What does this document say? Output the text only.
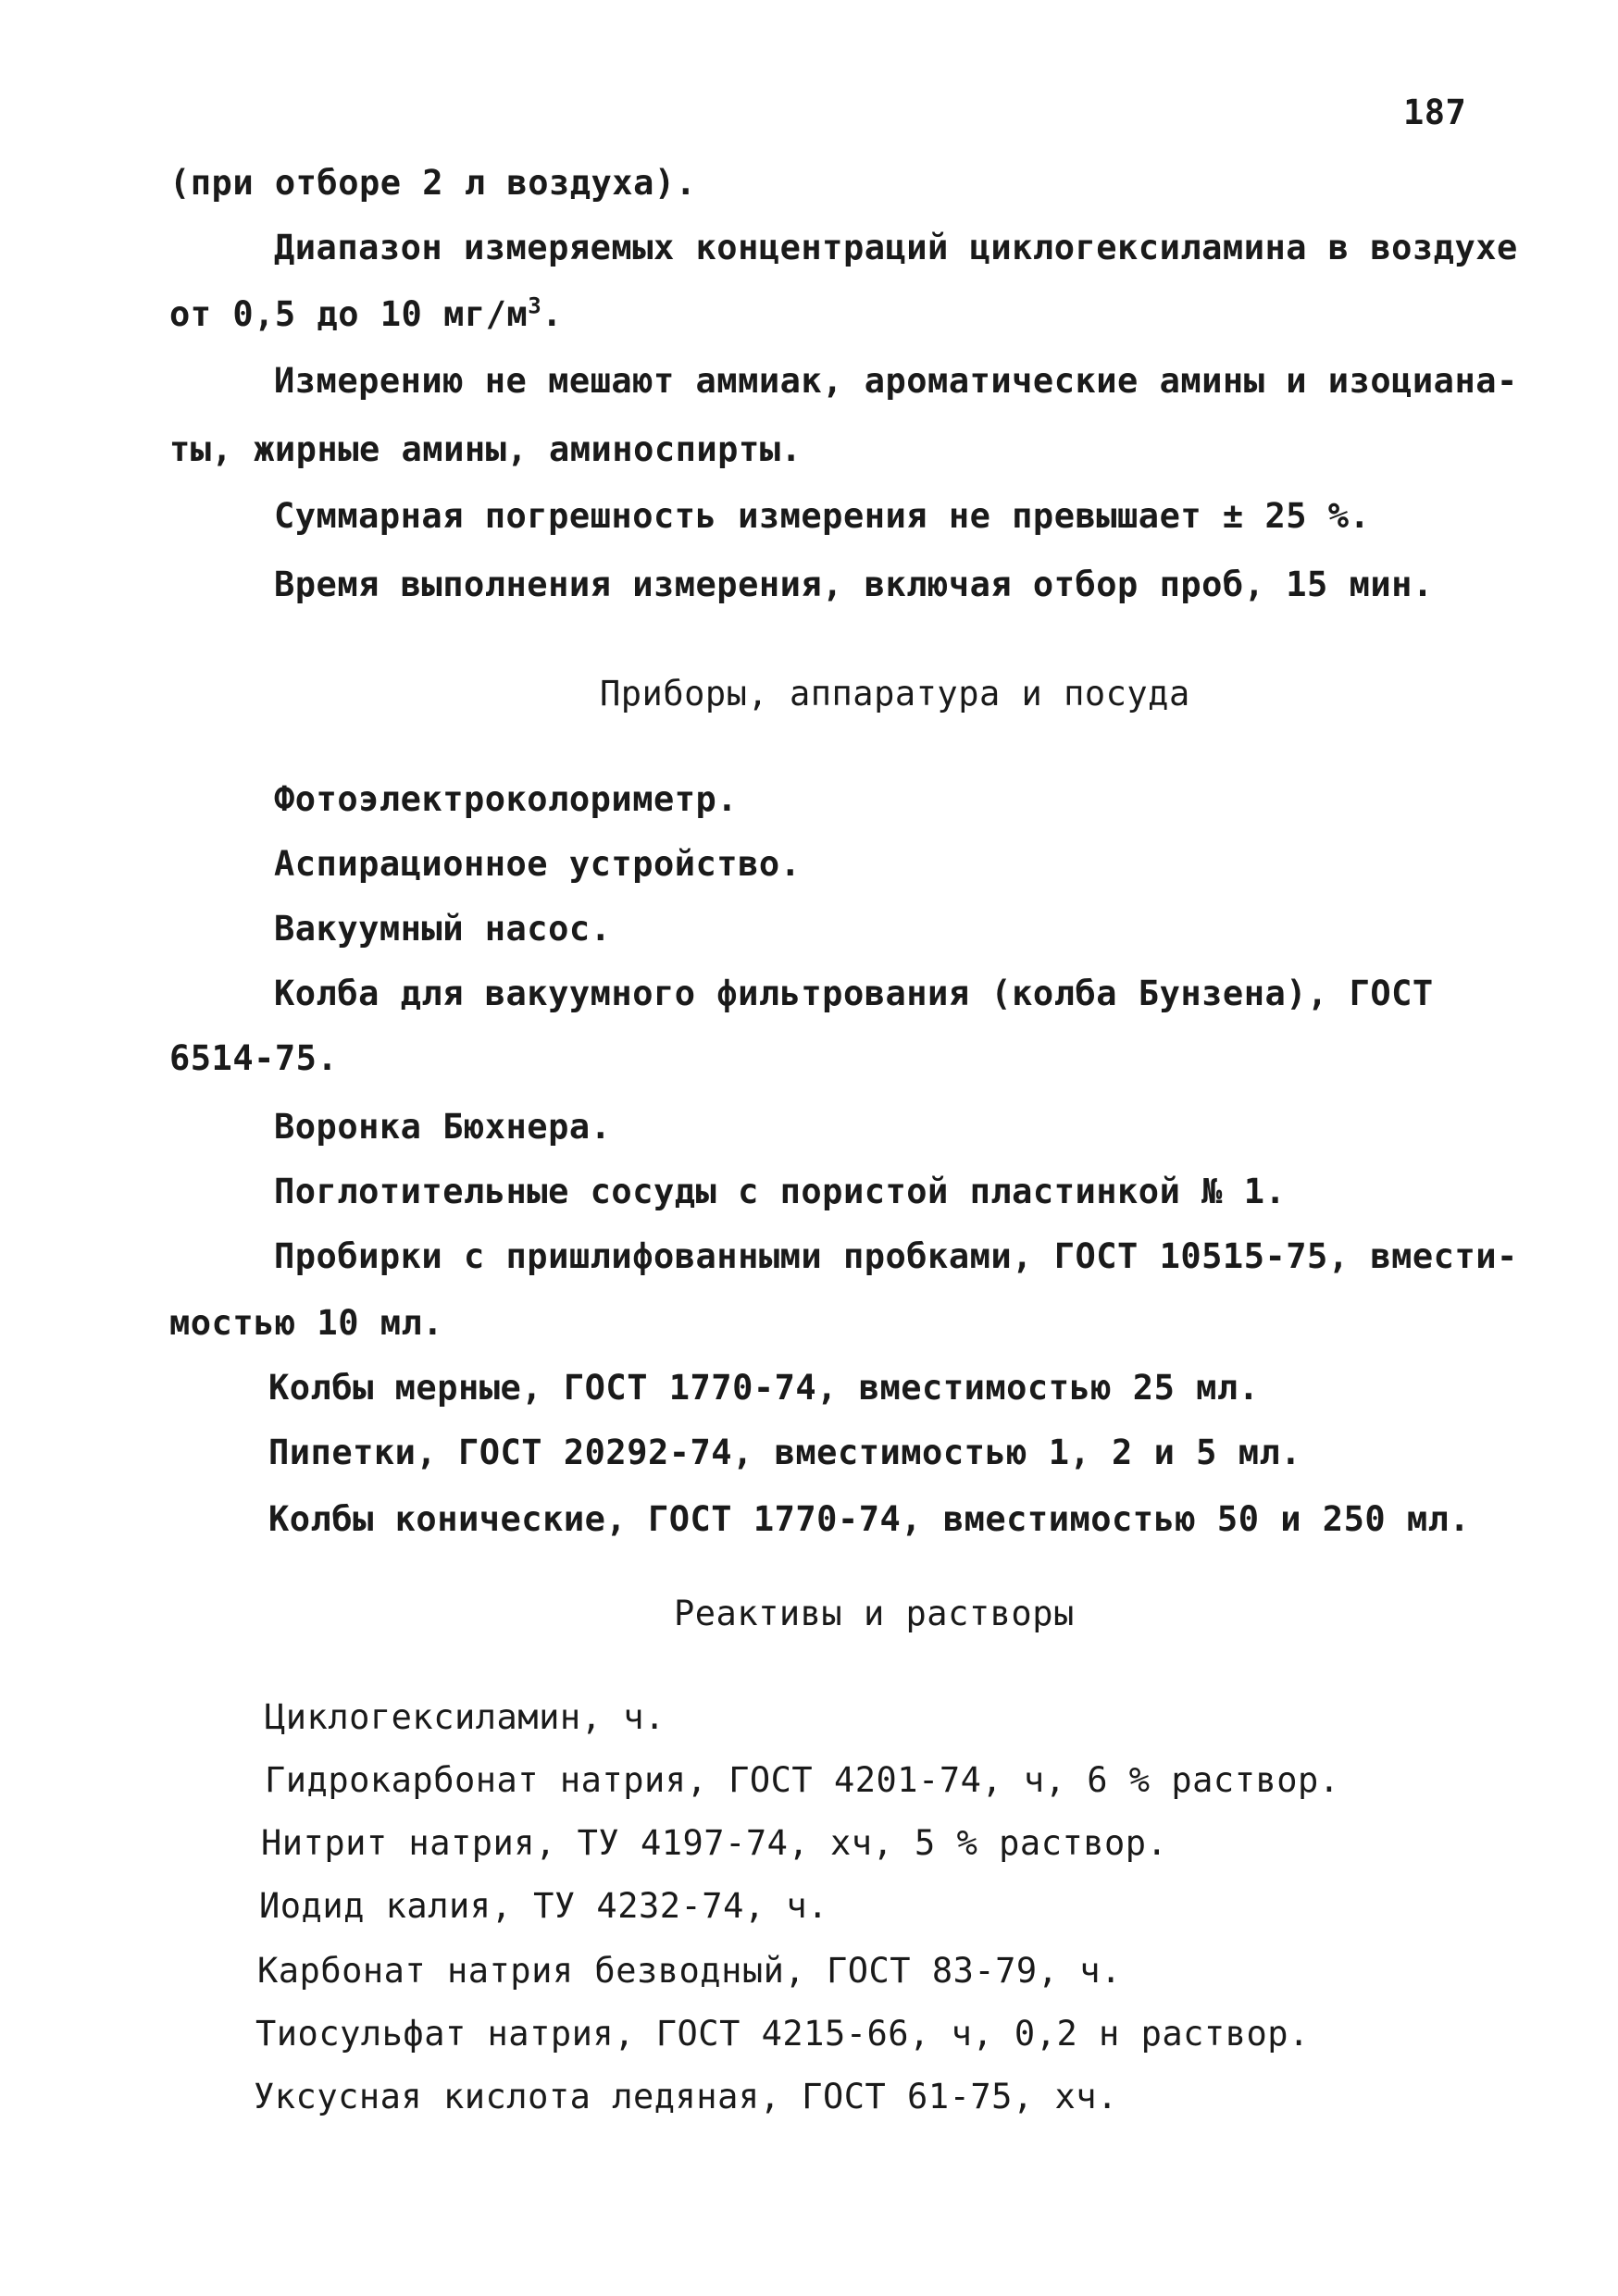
187
(при отборе 2 л воздуха).
Диапазон измеряемых концентраций циклогексиламина в воздухе
от 0,5 до 10 $мг/м^3$.
Измерению не мешают аммиак, ароматические амины и изоциана-
ты, жирные амины, аминоспирты.
Суммарная погрешность измерения не превышает ± 25 %.
Время выполнения измерения, включая отбор проб, 15 мин.
Приборы, аппаратура и посуда
Фотоэлектроколориметр.
Аспирационное устройство.
Вакуумный насос.
Колба для вакуумного фильтрования (колба Бунзена), ГОСТ
6514-75.
Воронка Бюхнера.
Поглотительные сосуды с пористой пластинкой № 1.
Пробирки с пришлифованными пробками, ГОСТ 10515-75, вмести-
мостью 10 мл.
Колбы мерные, ГОСТ 1770-74, вместимостью 25 мл.
Пипетки, ГОСТ 20292-74, вместимостью 1, 2 и 5 мл.
Колбы конические, ГОСТ 1770-74, вместимостью 50 и 250 мл.
Реактивы и растворы
Циклогексиламин, ч.
Гидрокарбонат натрия, ГОСТ 4201-74, ч, 6 % раствор.
Нитрит натрия, ТУ 4197-74, хч, 5 % раствор.
Иодид калия, ТУ 4232-74, ч.
Карбонат натрия безводный, ГОСТ 83-79, ч.
Тиосульфат натрия, ГОСТ 4215-66, ч, 0,2 н раствор.
Уксусная кислота ледяная, ГОСТ 61-75, хч.
